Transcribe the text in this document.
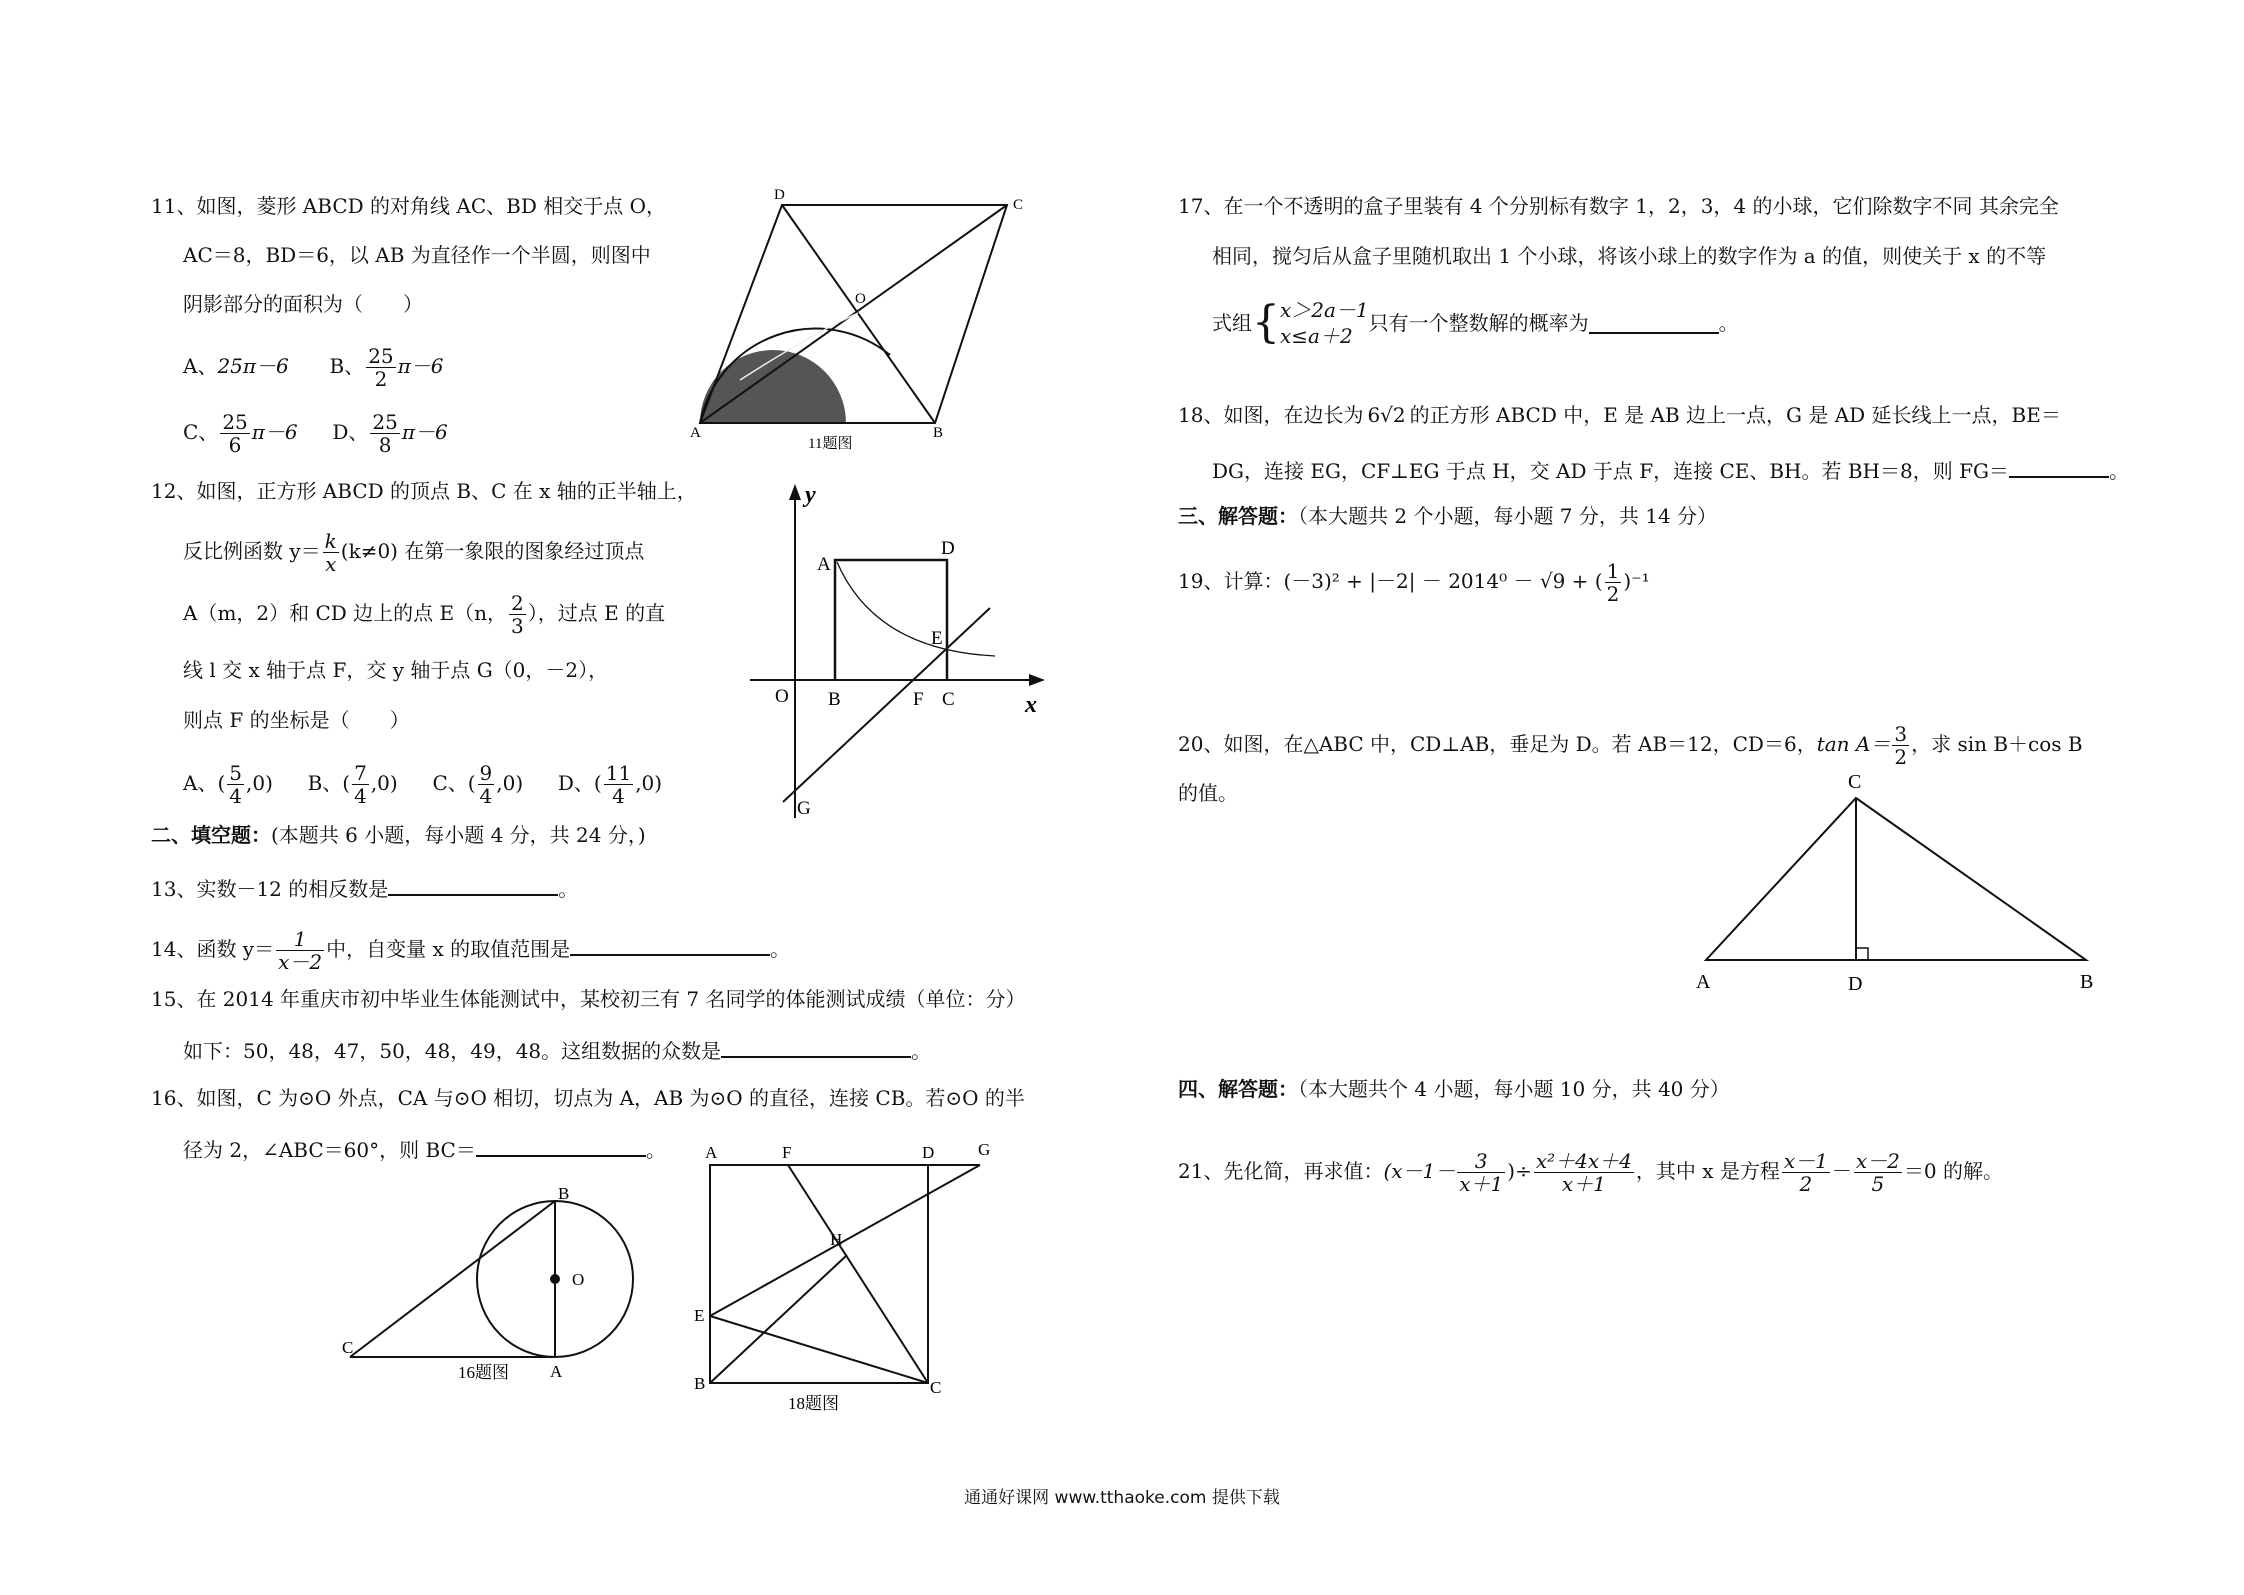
11、如图，菱形 ABCD 的对角线 AC、BD 相交于点 O，
AC＝8，BD＝6，以 AB 为直径作一个半圆，则图中
阴影部分的面积为（　　）
A、25π－6 B、 $\frac{25}{2} \pi-6$
C、 $\frac{25}{6} \pi-6$ D、 $\frac{25}{8} \pi-6$	A	B
C
D
O
11题图
12、如图，正方形 ABCD 的顶点 B、C 在 x 轴的正半轴上，
反比例函数 $y= \frac{k}{x} (k\ne 0)$ 在第一象限的图象经过顶点
A（m，2）和 CD 边上的点 E（n， $\frac{2}{3}$ ），过点 E 的直
线 l 交 x 轴于点 F，交 y 轴于点 G（0，－2），
则点 F 的坐标是（　　）
A、( $\frac{5}{4} ,0$) B、( $\frac{7}{4} ,0$) C、( $\frac{9}{4} ,0$) D、( $\frac{11}{4} ,0$)
y
x
A
D
E
O B	F C
G
二、填空题：(本题共 6 小题，每小题 4 分，共 24 分，)
13、实数－12 的相反数是	。
14、函数 $y= \frac{1}{x-2}$ 中，自变量 x 的取值范围是	。
15、在 2014 年重庆市初中毕业生体能测试中，某校初三有 7 名同学的体能测试成绩（单位：分）
如下：50，48，47，50，48，49，48。这组数据的众数是	。
16、如图，C 为⊙O 外点，CA 与⊙O 相切，切点为 A，AB 为⊙O 的直径，连接 CB。若⊙O 的半
径为 2，∠ABC＝60°，则 BC＝	。
B
O
C
A
16题图
A	F	D	G
H
E
B	C
18题图
17、在一个不透明的盒子里装有 4 个分别标有数字 1，2，3，4 的小球，它们除数字不同 其余完全
相同，搅匀后从盒子里随机取出 1 个小球，将该小球上的数字作为 a 的值，则使关于 x 的不等
式组{ x＞2a－1
x≤a＋2
只有一个整数解的概率为	。
18、如图，在边长为 6√2 的正方形 ABCD 中，E 是 AB 边上一点，G 是 AD 延长线上一点，BE＝
DG，连接 EG，CF⊥EG 于点 H，交 AD 于点 F，连接 CE、BH。若 BH＝8，则 FG＝	。
三、解答题：（本大题共 2 个小题，每小题 7 分，共 14 分）
19、计算：(－3)² + |－2| － 2014⁰ － √9 + ( $\frac{1}{2} )^{-1}$
20、如图，在△ABC 中，CD⊥AB，垂足为 D。若 AB＝12，CD＝6，$\tan A= \frac{3}{2}$ ，求 sin B＋cos B
的值。	C
A	D	B
四、解答题：（本大题共个 4 小题，每小题 10 分，共 40 分）
21、先化简，再求值：($x-1- \frac{3}{x+1}$ )÷ $\frac{\text{x²＋4x＋4}}{x+1}$ ，其中 x 是方程 $\frac{x-1}{2} - \frac{x-2}{5} =0$ 的解。
通通好课网 www.tthaoke.com 提供下载
